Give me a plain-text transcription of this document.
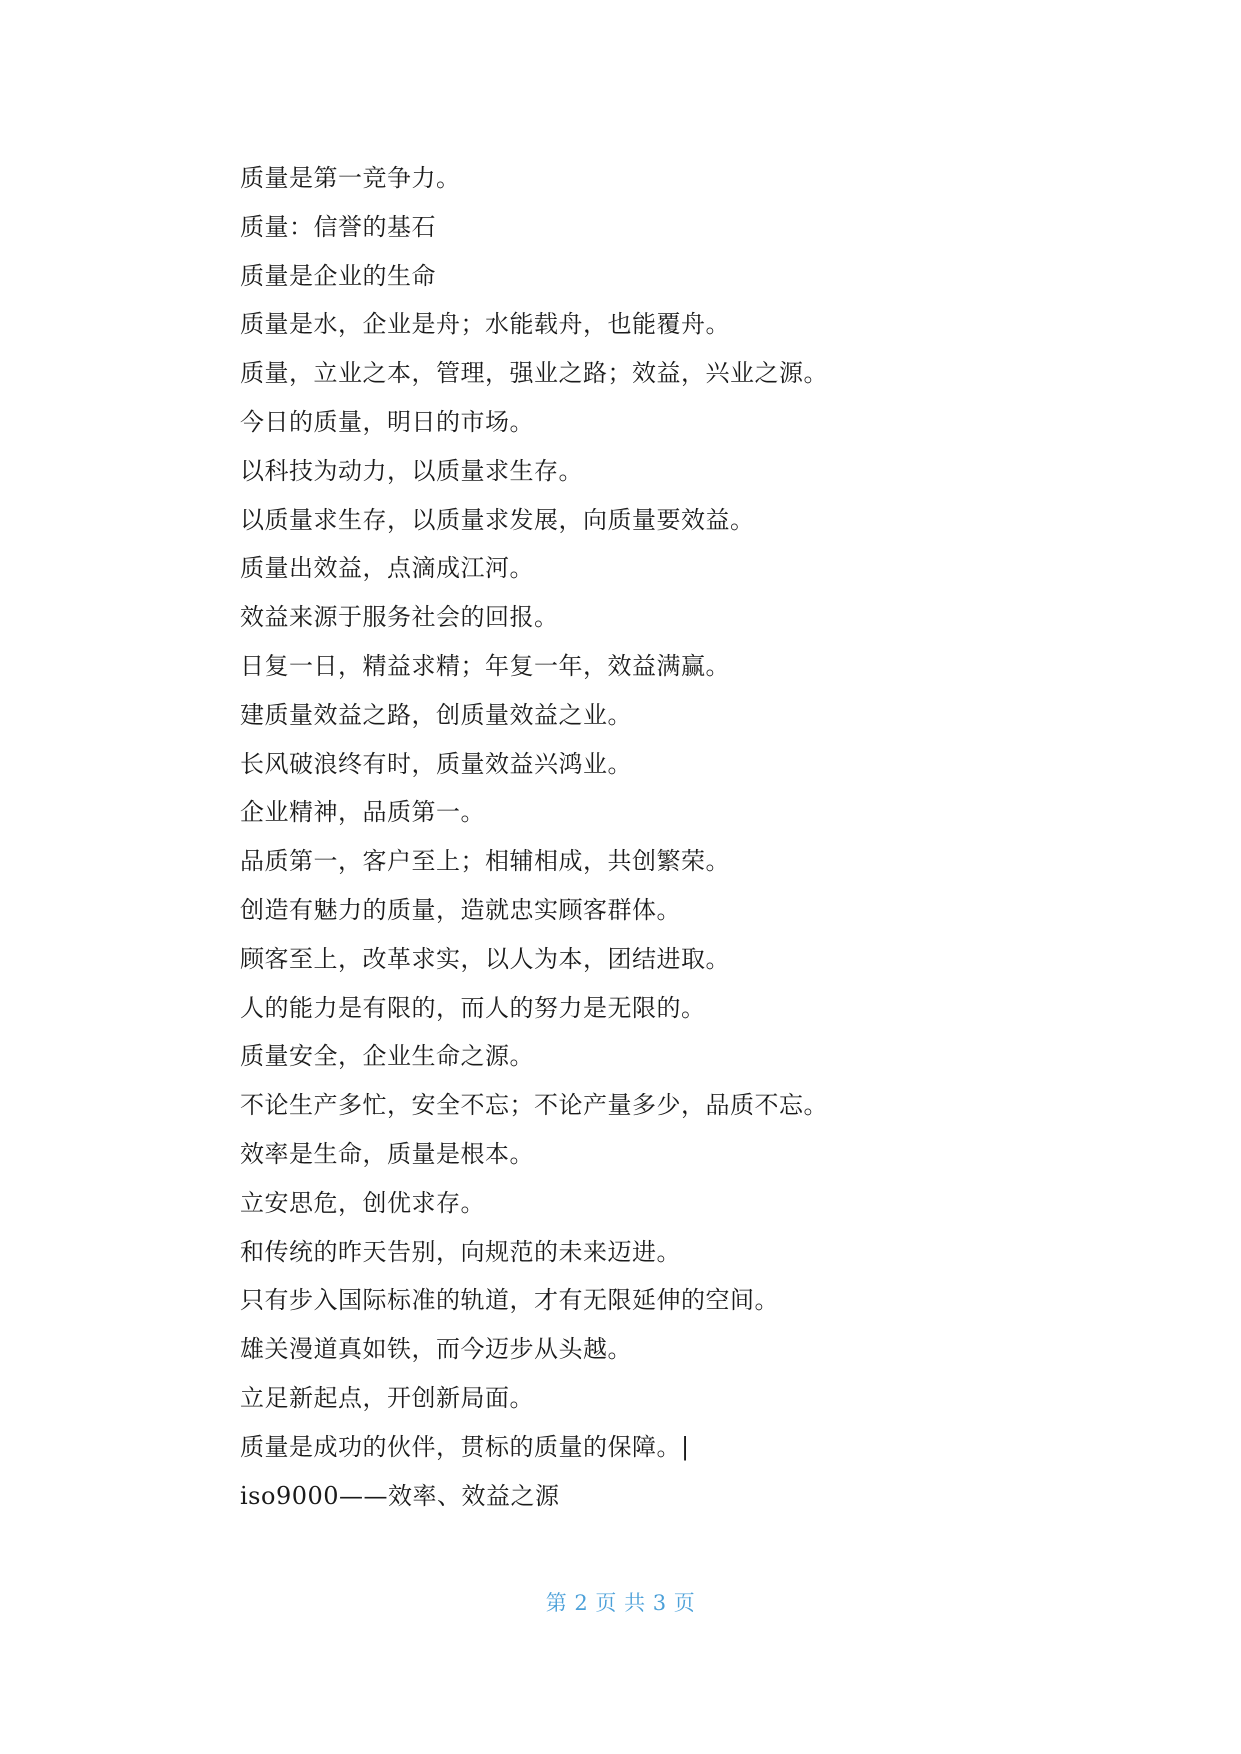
质量是第一竞争力。
质量：信誉的基石
质量是企业的生命
质量是水，企业是舟；水能载舟，也能覆舟。
质量，立业之本，管理，强业之路；效益，兴业之源。
今日的质量，明日的市场。
以科技为动力，以质量求生存。
以质量求生存，以质量求发展，向质量要效益。
质量出效益，点滴成江河。
效益来源于服务社会的回报。
日复一日，精益求精；年复一年，效益满赢。
建质量效益之路，创质量效益之业。
长风破浪终有时，质量效益兴鸿业。
企业精神，品质第一。
品质第一，客户至上；相辅相成，共创繁荣。
创造有魅力的质量，造就忠实顾客群体。
顾客至上，改革求实，以人为本，团结进取。
人的能力是有限的，而人的努力是无限的。
质量安全，企业生命之源。
不论生产多忙，安全不忘；不论产量多少，品质不忘。
效率是生命，质量是根本。
立安思危，创优求存。
和传统的昨天告别，向规范的未来迈进。
只有步入国际标准的轨道，才有无限延伸的空间。
雄关漫道真如铁，而今迈步从头越。
立足新起点，开创新局面。
质量是成功的伙伴，贯标的质量的保障。|
iso9000——效率、效益之源
第 2 页 共 3 页
